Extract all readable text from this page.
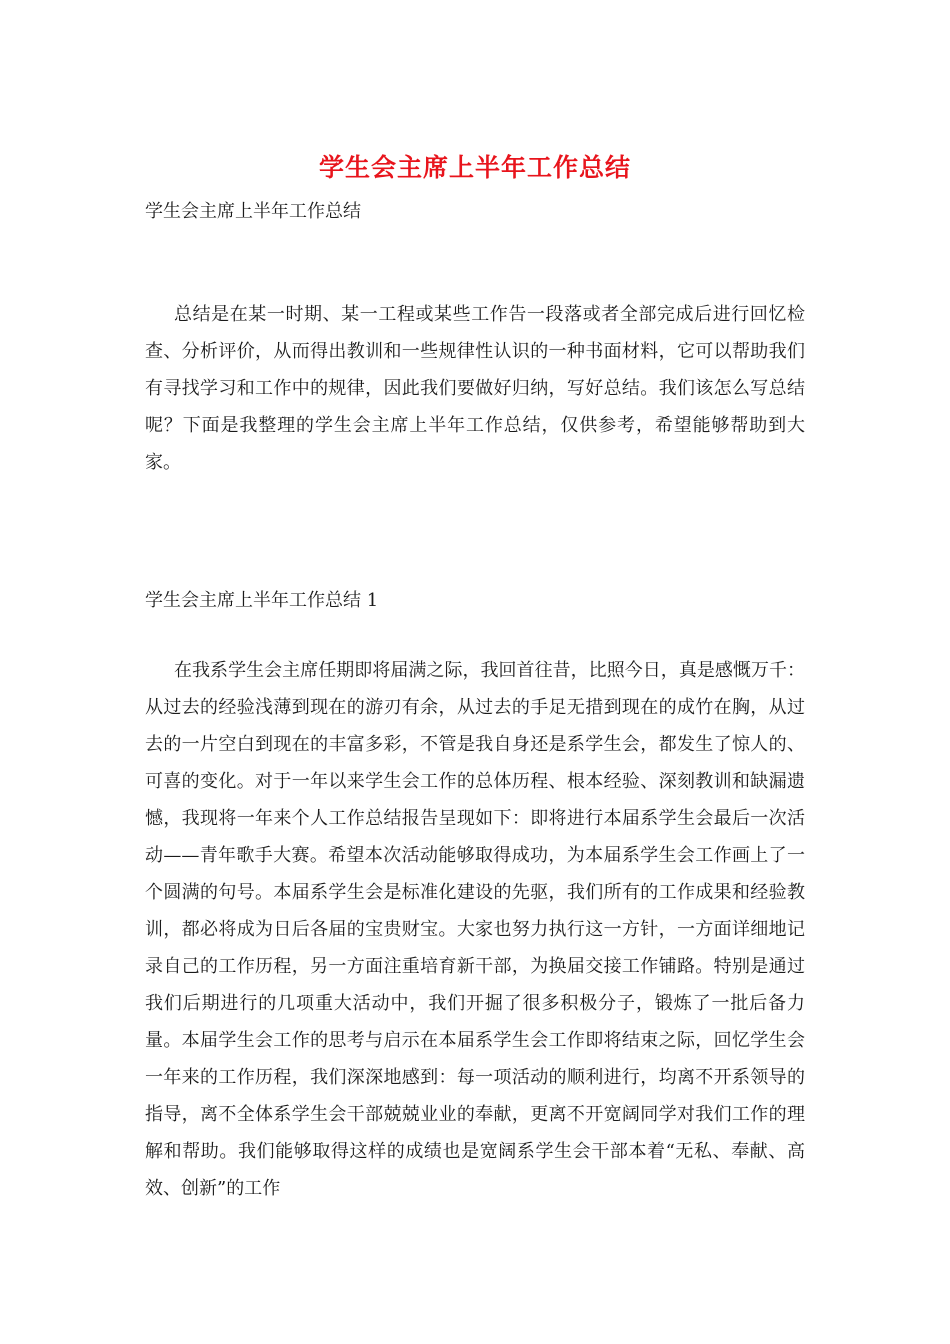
学生会主席上半年工作总结
学生会主席上半年工作总结

总结是在某一时期、某一工程或某些工作告一段落或者全部完成后进行回忆检查、分析评价，从而得出教训和一些规律性认识的一种书面材料，它可以帮助我们有寻找学习和工作中的规律，因此我们要做好归纳，写好总结。我们该怎么写总结呢？下面是我整理的学生会主席上半年工作总结，仅供参考，希望能够帮助到大家。

学生会主席上半年工作总结 1

在我系学生会主席任期即将届满之际，我回首往昔，比照今日，真是感慨万千：从过去的经验浅薄到现在的游刃有余，从过去的手足无措到现在的成竹在胸，从过去的一片空白到现在的丰富多彩，不管是我自身还是系学生会，都发生了惊人的、可喜的变化。对于一年以来学生会工作的总体历程、根本经验、深刻教训和缺漏遗憾，我现将一年来个人工作总结报告呈现如下：即将进行本届系学生会最后一次活动——青年歌手大赛。希望本次活动能够取得成功，为本届系学生会工作画上了一个圆满的句号。本届系学生会是标准化建设的先驱，我们所有的工作成果和经验教训，都必将成为日后各届的宝贵财宝。大家也努力执行这一方针，一方面详细地记录自己的工作历程，另一方面注重培育新干部，为换届交接工作铺路。特别是通过我们后期进行的几项重大活动中，我们开掘了很多积极分子，锻炼了一批后备力量。本届学生会工作的思考与启示在本届系学生会工作即将结束之际，回忆学生会一年来的工作历程，我们深深地感到：每一项活动的顺利进行，均离不开系领导的指导，离不全体系学生会干部兢兢业业的奉献，更离不开宽阔同学对我们工作的理解和帮助。我们能够取得这样的成绩也是宽阔系学生会干部本着“无私、奉献、高效、创新”的工作
